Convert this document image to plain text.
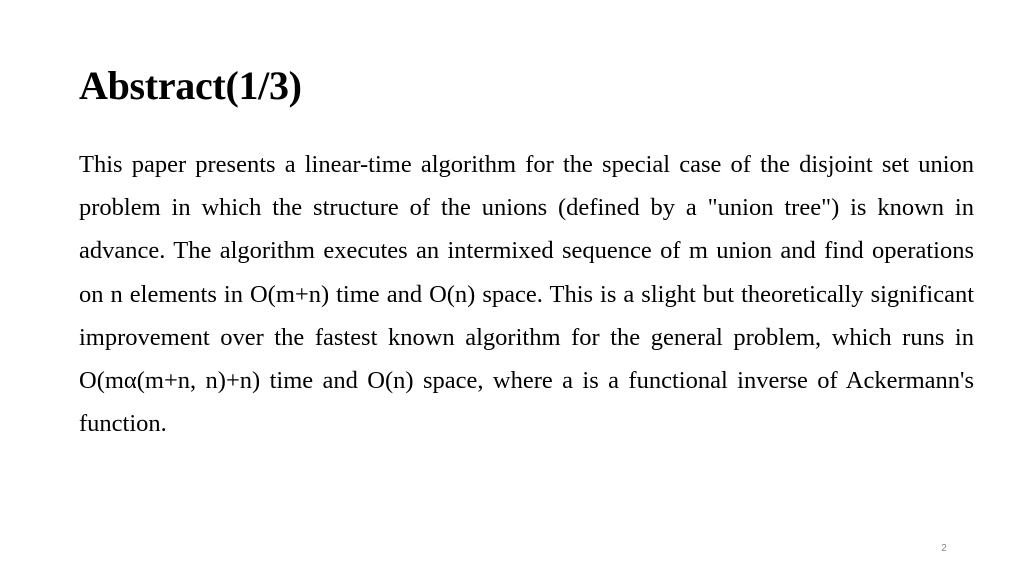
Abstract(1/3)

This paper presents a linear-time algorithm for the special case of the disjoint set union problem in which the structure of the unions (defined by a "union tree") is known in advance. The algorithm executes an intermixed sequence of m union and find operations on n elements in O(m+n) time and O(n) space. This is a slight but theoretically significant improvement over the fastest known algorithm for the general problem, which runs in O(mα(m+n, n)+n) time and O(n) space, where a is a functional inverse of Ackermann's function.

2
